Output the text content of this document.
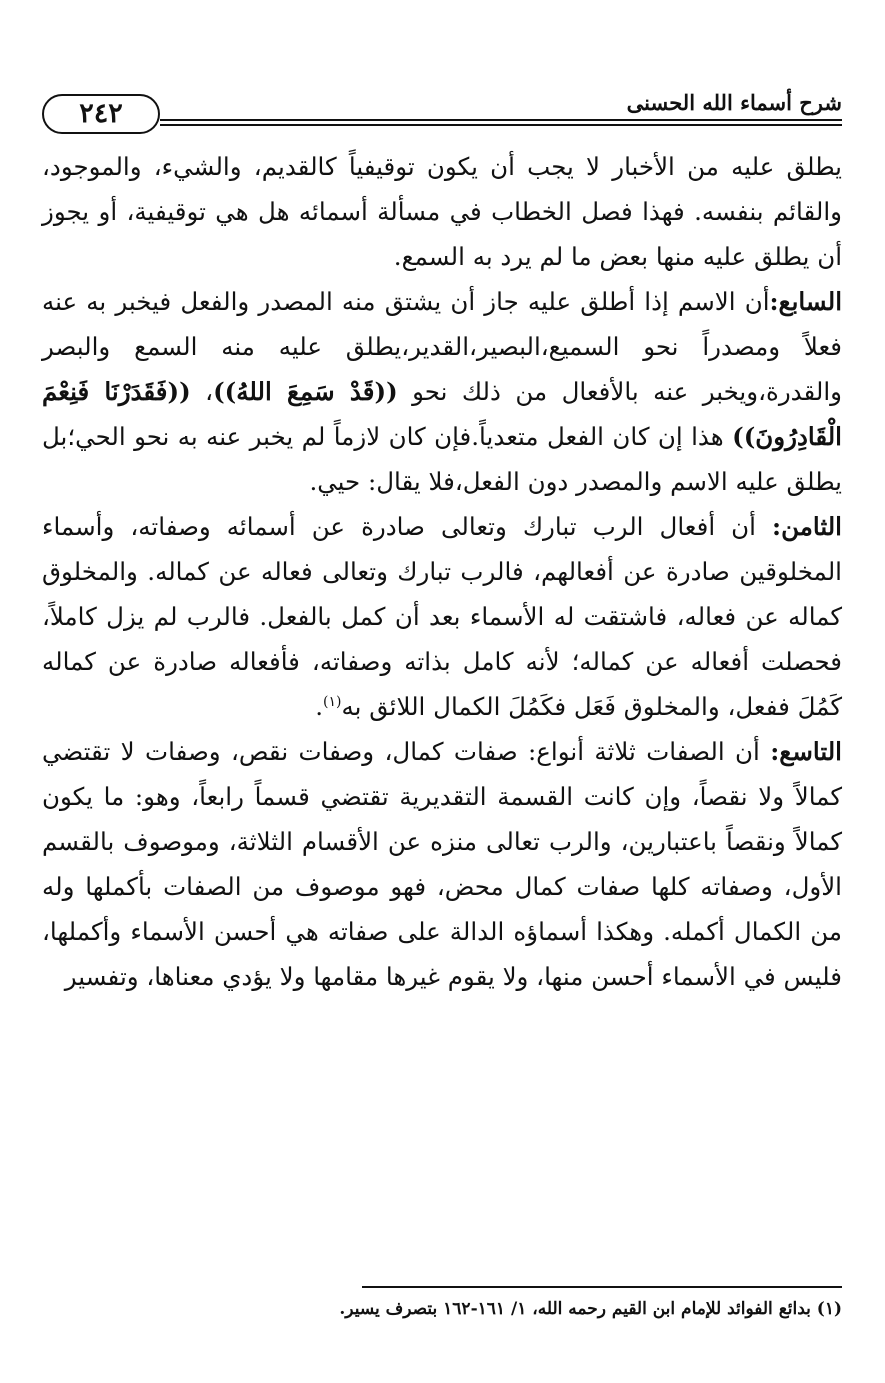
شرح أسماء الله الحسنى
٢٤٢

يطلق عليه من الأخبار لا يجب أن يكون توقيفياً كالقديم، والشيء، والموجود، والقائم بنفسه. فهذا فصل الخطاب في مسألة أسمائه هل هي توقيفية، أو يجوز أن يطلق عليه منها بعض ما لم يرد به السمع.

السابع:أن الاسم إذا أطلق عليه جاز أن يشتق منه المصدر والفعل فيخبر به عنه فعلاً ومصدراً نحو السميع،البصير،القدير،يطلق عليه منه السمع والبصر والقدرة،ويخبر عنه بالأفعال من ذلك نحو ((قَدْ سَمِعَ اللهُ))، ((فَقَدَرْنَا فَنِعْمَ الْقَادِرُونَ)) هذا إن كان الفعل متعدياً.فإن كان لازماً لم يخبر عنه به نحو الحي؛بل يطلق عليه الاسم والمصدر دون الفعل،فلا يقال: حيي.

الثامن: أن أفعال الرب تبارك وتعالى صادرة عن أسمائه وصفاته، وأسماء المخلوقين صادرة عن أفعالهم، فالرب تبارك وتعالى فعاله عن كماله. والمخلوق كماله عن فعاله، فاشتقت له الأسماء بعد أن كمل بالفعل. فالرب لم يزل كاملاً، فحصلت أفعاله عن كماله؛ لأنه كامل بذاته وصفاته، فأفعاله صادرة عن كماله كَمُلَ ففعل، والمخلوق فَعَل فكَمُلَ الكمال اللائق به$^{(١)}$.

التاسع: أن الصفات ثلاثة أنواع: صفات كمال، وصفات نقص، وصفات لا تقتضي كمالاً ولا نقصاً، وإن كانت القسمة التقديرية تقتضي قسماً رابعاً، وهو: ما يكون كمالاً ونقصاً باعتبارين، والرب تعالى منزه عن الأقسام الثلاثة، وموصوف بالقسم الأول، وصفاته كلها صفات كمال محض، فهو موصوف من الصفات بأكملها وله من الكمال أكمله. وهكذا أسماؤه الدالة على صفاته هي أحسن الأسماء وأكملها، فليس في الأسماء أحسن منها، ولا يقوم غيرها مقامها ولا يؤدي معناها، وتفسير

(١) بدائع الفوائد للإمام ابن القيم رحمه الله، ١/ ١٦١-١٦٢ بتصرف يسير.
